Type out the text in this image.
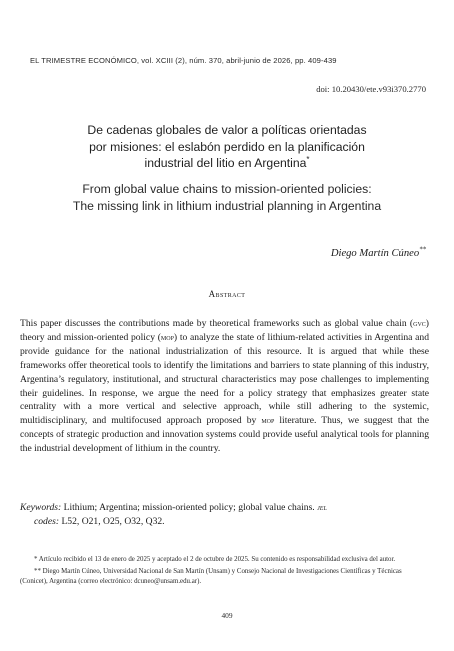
EL TRIMESTRE ECONÓMICO, vol. XCIII (2), núm. 370, abril-junio de 2026, pp. 409-439
doi: 10.20430/ete.v93i370.2770
De cadenas globales de valor a políticas orientadas
por misiones: el eslabón perdido en la planificación
industrial del litio en Argentina*
From global value chains to mission-oriented policies:
The missing link in lithium industrial planning in Argentina
Diego Martín Cúneo**
Abstract
This paper discusses the contributions made by theoretical frameworks such as global value chain (gvc) theory and mission-oriented policy (mop) to analyze the state of lithium-related activities in Argentina and provide guidance for the national industrialization of this resource. It is argued that while these frameworks offer theoretical tools to identify the limitations and barriers to state planning of this industry, Argentina’s regulatory, institutional, and structural characteristics may pose challenges to implementing their guidelines. In response, we argue the need for a policy strategy that emphasizes greater state centrality with a more vertical and selective approach, while still adhering to the systemic, multidisciplinary, and multifocused approach proposed by mop literature. Thus, we suggest that the concepts of strategic production and innovation systems could provide useful analytical tools for planning the industrial development of lithium in the country.
Keywords: Lithium; Argentina; mission-oriented policy; global value chains. jel
codes: L52, O21, O25, O32, Q32.

* Artículo recibido el 13 de enero de 2025 y aceptado el 2 de octubre de 2025. Su contenido es responsabilidad exclusiva del autor.

** Diego Martín Cúneo, Universidad Nacional de San Martín (Unsam) y Consejo Nacional de Investigaciones Científicas y Técnicas (Conicet), Argentina (correo electrónico: dcuneo@unsam.edu.ar).

409
